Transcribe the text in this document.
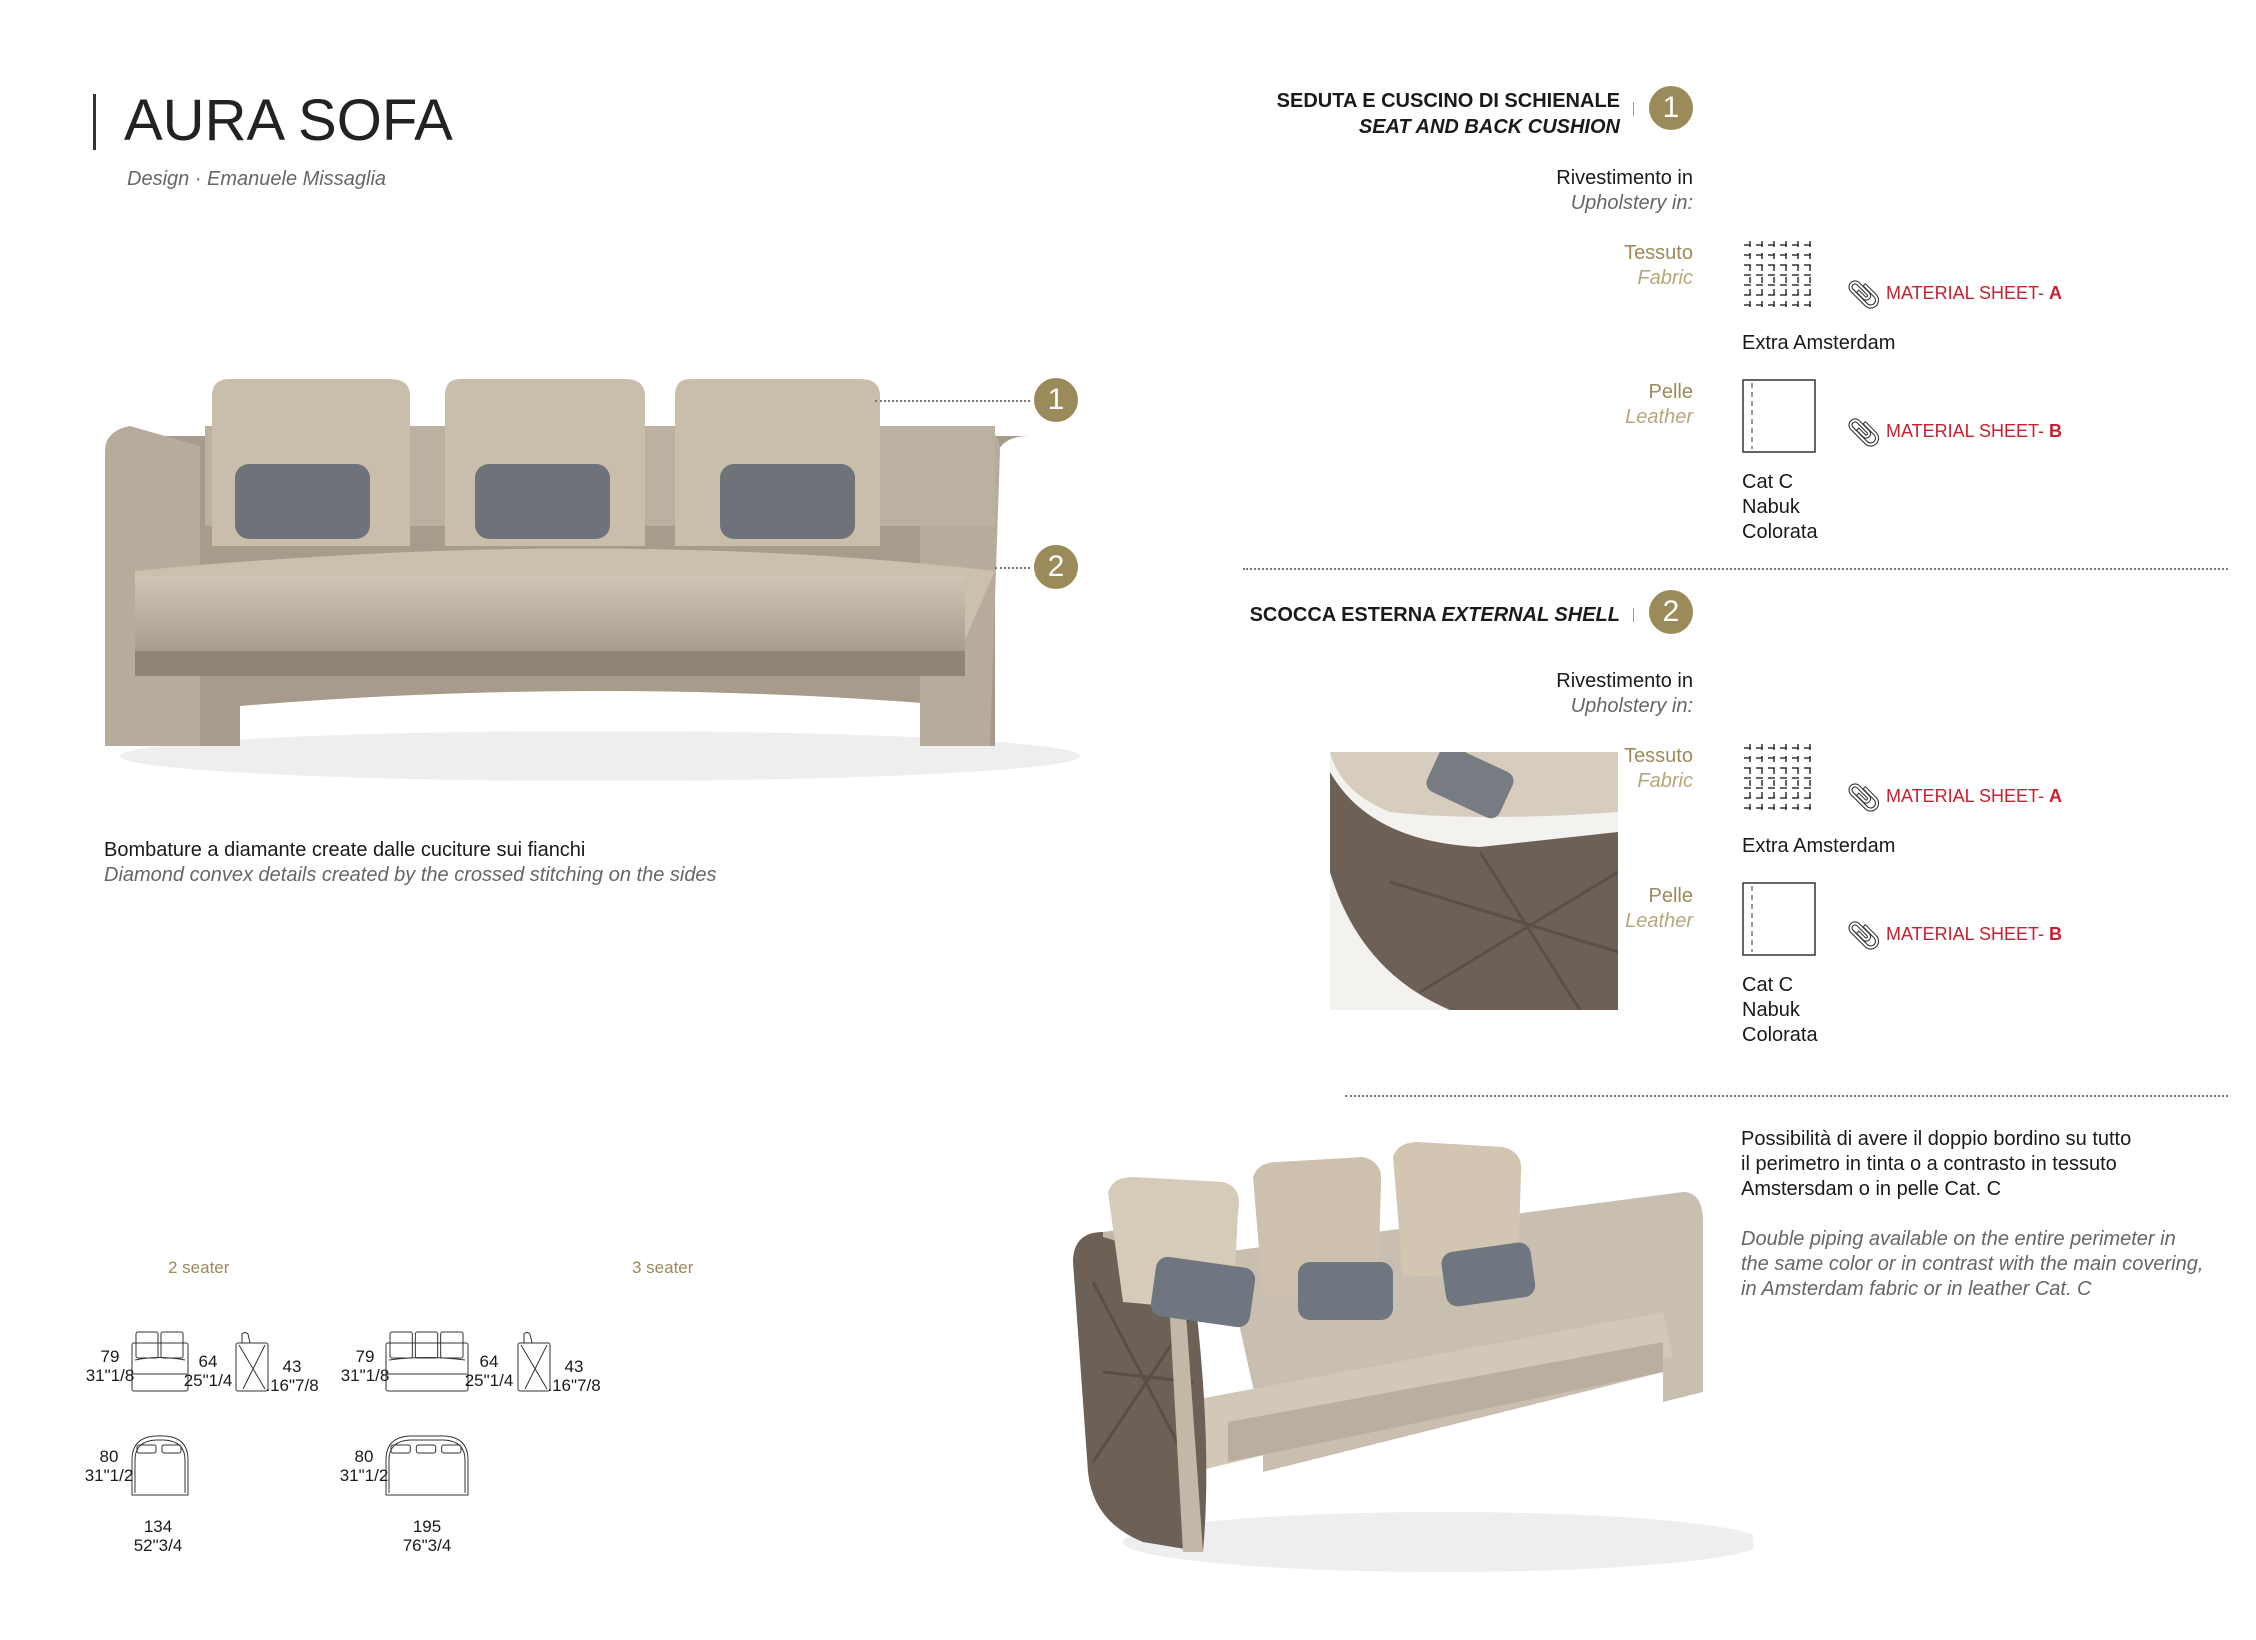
AURA SOFA
Design · Emanuele Missaglia
1
2
Bombature a diamante create dalle cuciture sui fianchi
Diamond convex details created by the crossed stitching on the sides
SEDUTA E CUSCINO DI SCHIENALE
SEAT AND BACK CUSHION
1
Rivestimento in
Upholstery in:
Tessuto
Fabric
📎︎ MATERIAL SHEET- A
Extra Amsterdam
Pelle
Leather	📎︎ MATERIAL SHEET- B
Cat C
Nabuk
Colorata
SCOCCA ESTERNA EXTERNAL SHELL	2
Rivestimento in
Upholstery in:
Tessuto
Fabric
📎︎ MATERIAL SHEET- A
Extra Amsterdam
Pelle
Leather	📎︎ MATERIAL SHEET- B
Cat C
Nabuk
Colorata
Possibilità di avere il doppio bordino su tutto
il perimetro in tinta o a contrasto in tessuto
Amstersdam o in pelle Cat. C
Double piping available on the entire perimeter in
the same color or in contrast with the main covering,
in Amsterdam fabric or in leather Cat. C
2 seater
79
31"1/8
64
25"1/4
43
.16"7/8
80
31"1/2
134
52"3/4
3 seater
79
31"1/8
64
25"1/4
43
.16"7/8
80
31"1/2
195
76"3/4
